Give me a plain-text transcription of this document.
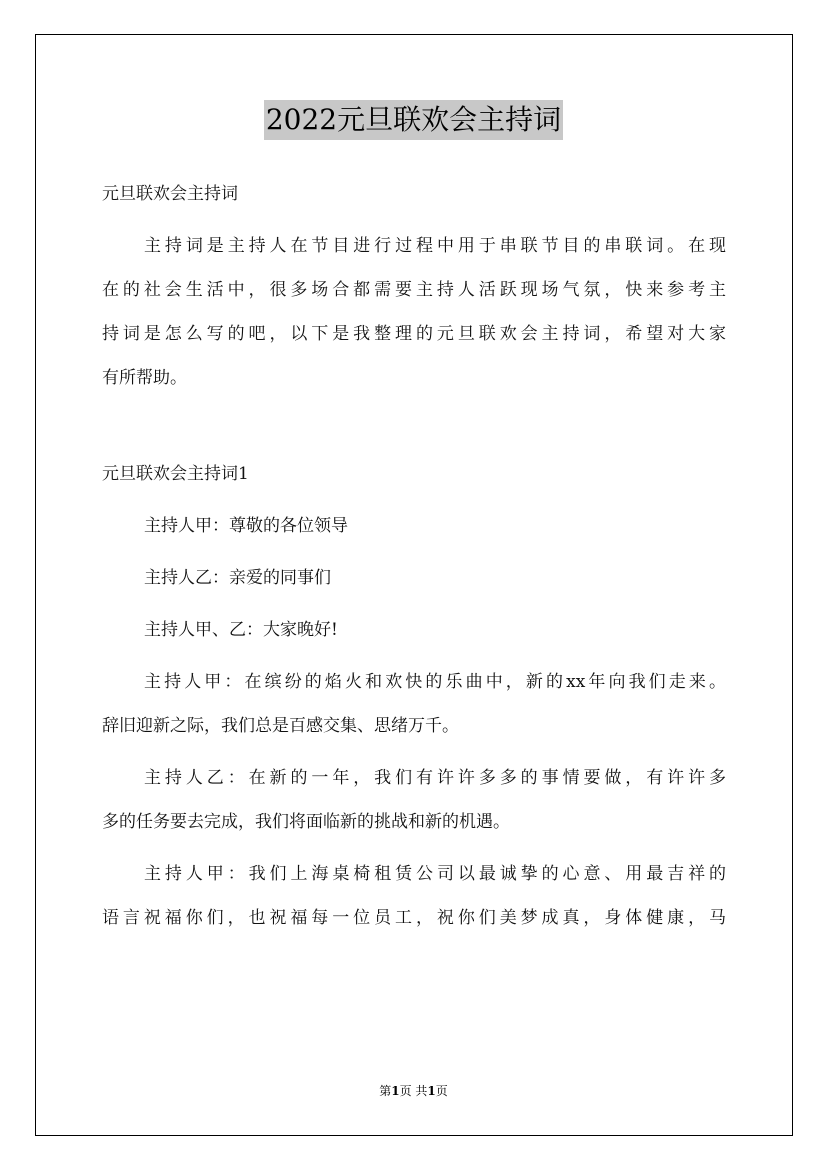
2022元旦联欢会主持词
元旦联欢会主持词
主持词是主持人在节目进行过程中用于串联节目的串联词。在现
在的社会生活中，很多场合都需要主持人活跃现场气氛，快来参考主
持词是怎么写的吧，以下是我整理的元旦联欢会主持词，希望对大家
有所帮助。
元旦联欢会主持词1
主持人甲：尊敬的各位领导
主持人乙：亲爱的同事们
主持人甲、乙：大家晚好!
主持人甲：在缤纷的焰火和欢快的乐曲中，新的xx年向我们走来。
辞旧迎新之际，我们总是百感交集、思绪万千。
主持人乙：在新的一年，我们有许许多多的事情要做，有许许多
多的任务要去完成，我们将面临新的挑战和新的机遇。
主持人甲：我们上海桌椅租赁公司以最诚挚的心意、用最吉祥的
语言祝福你们，也祝福每一位员工，祝你们美梦成真，身体健康，马
第1页 共1页
